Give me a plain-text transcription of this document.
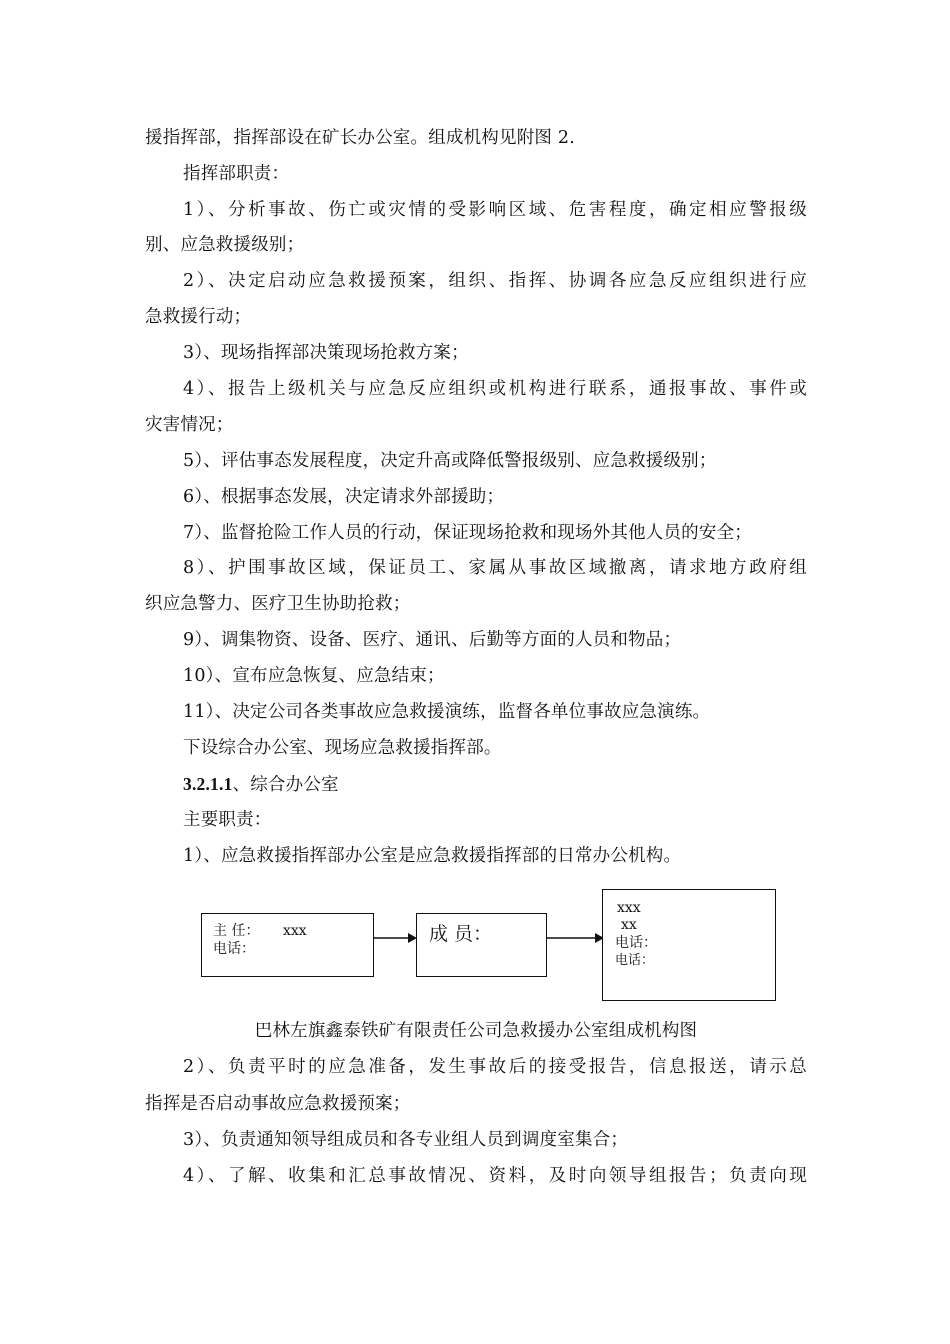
援指挥部，指挥部设在矿长办公室。组成机构见附图 2.
指挥部职责：
1）、分析事故、伤亡或灾情的受影响区域、危害程度，确定相应警报级
别、应急救援级别；
2）、决定启动应急救援预案，组织、指挥、协调各应急反应组织进行应
急救援行动；
3）、现场指挥部决策现场抢救方案；
4）、报告上级机关与应急反应组织或机构进行联系，通报事故、事件或
灾害情况；
5）、评估事态发展程度，决定升高或降低警报级别、应急救援级别；
6）、根据事态发展，决定请求外部援助；
7）、监督抢险工作人员的行动，保证现场抢救和现场外其他人员的安全；
8）、护围事故区域，保证员工、家属从事故区域撤离，请求地方政府组
织应急警力、医疗卫生协助抢救；
9）、调集物资、设备、医疗、通讯、后勤等方面的人员和物品；
10）、宣布应急恢复、应急结束；
11）、决定公司各类事故应急救援演练，监督各单位事故应急演练。
下设综合办公室、现场应急救援指挥部。
3.2.1.1、综合办公室
主要职责：
1）、应急救援指挥部办公室是应急救援指挥部的日常办公机构。
主 任： xxx
电话：
成 员：
xxx
xx
电话：
电话：
巴林左旗鑫泰铁矿有限责任公司急救援办公室组成机构图
2）、负责平时的应急准备，发生事故后的接受报告，信息报送，请示总
指挥是否启动事故应急救援预案；
3）、负责通知领导组成员和各专业组人员到调度室集合；
4）、了解、收集和汇总事故情况、资料，及时向领导组报告；负责向现
